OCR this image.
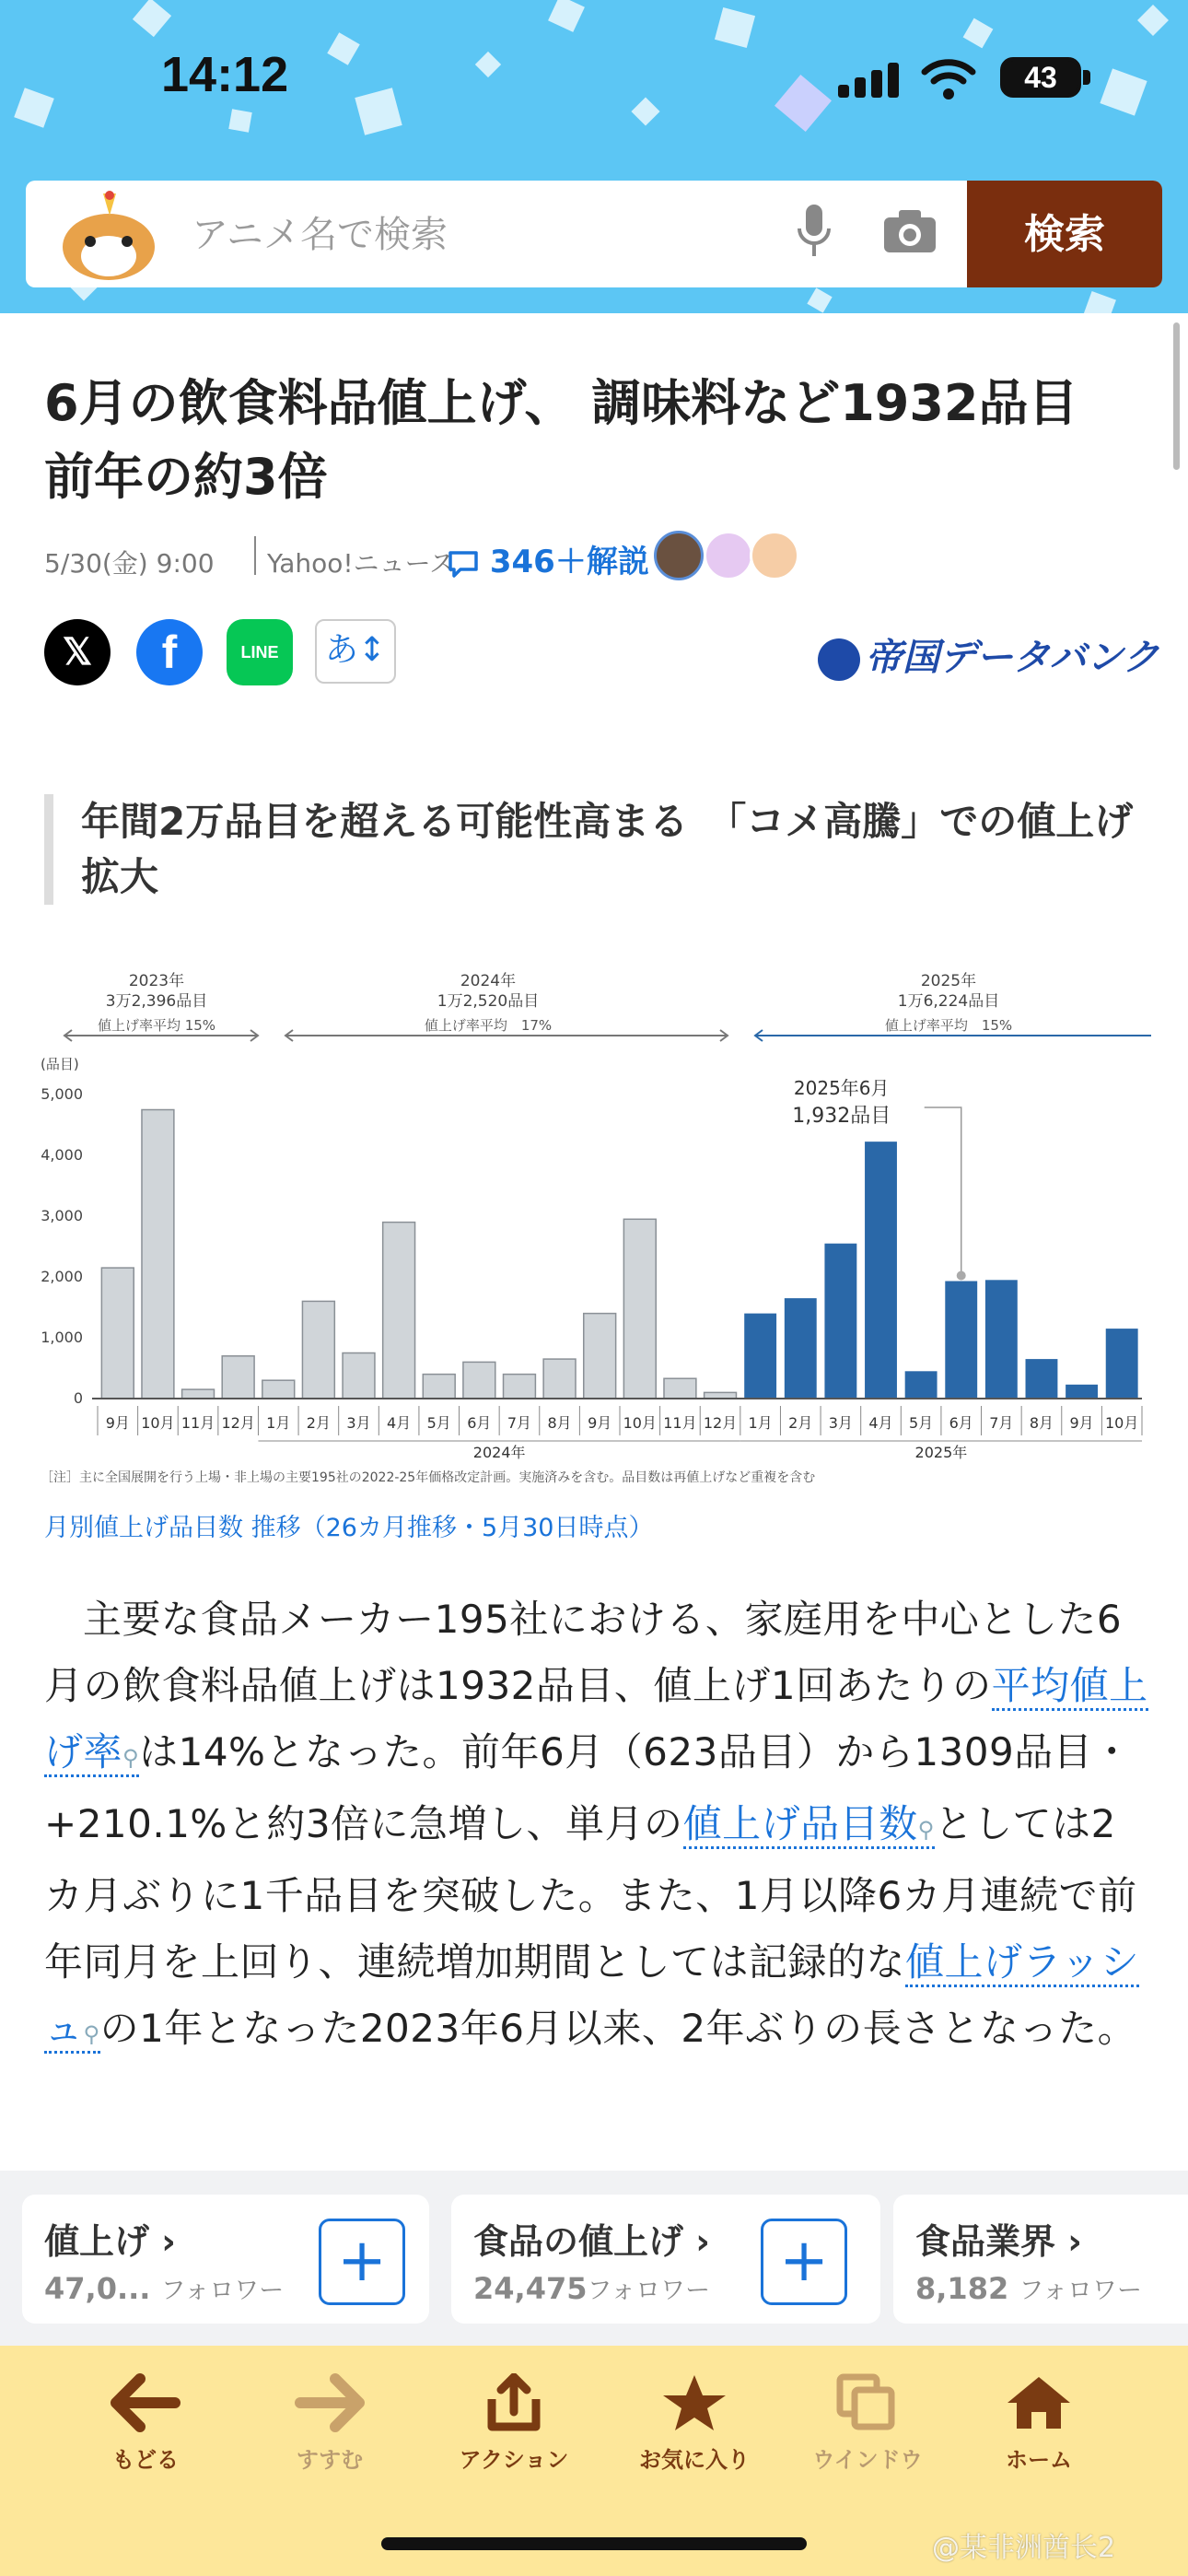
14:12	43
アニメ名で検索
検索
6月の飲食料品値上げ、 調味料など1932品目　前年の約3倍
5/30(金) 9:00 Yahoo!ニュース	346＋解説
𝕏	f	LINE	あ↕	帝国データバンク
年間2万品目を超える可能性高まる　「コメ高騰」での値上げ拡大
(品目)
5,000
4,000
3,000
2,000
1,000
0
9月 10月 11月 12月 1月 2月 3月 4月 5月 6月 7月 8月 9月 10月 11月 12月 1月 2月 3月 4月 5月 6月 7月 8月 9月 10月
2024年	2025年
2023年
3万2,396品目
値上げ率平均 15%
2024年
1万2,520品目
値上げ率平均　17%
2025年
1万6,224品目
値上げ率平均　15%
2025年6月
1,932品目
［注］主に全国展開を行う上場・非上場の主要195社の2022-25年価格改定計画。実施済みを含む。品目数は再値上げなど重複を含む
月別値上げ品目数 推移（26カ月推移・5月30日時点）
主要な食品メーカー195社における、家庭用を中心とした6月の飲食料品値上げは1932品目、値上げ1回あたりの平均値上げ率⚲は14%となった。前年6月（623品目）から1309品目・+210.1%と約3倍に急増し、単月の値上げ品目数⚲としては2カ月ぶりに1千品目を突破した。また、1月以降6カ月連続で前年同月を上回り、連続増加期間としては記録的な値上げラッシュ⚲の1年となった2023年6月以来、2年ぶりの長さとなった。
値上げ ›
47,0... フォロワー +	食品の値上げ ›
24,475フォロワー	+	食品業界 ›
8,182 フォロワー
もどる	すすむ	アクション	お気に入り	ウインドウ	ホーム
@某非洲酋长2
